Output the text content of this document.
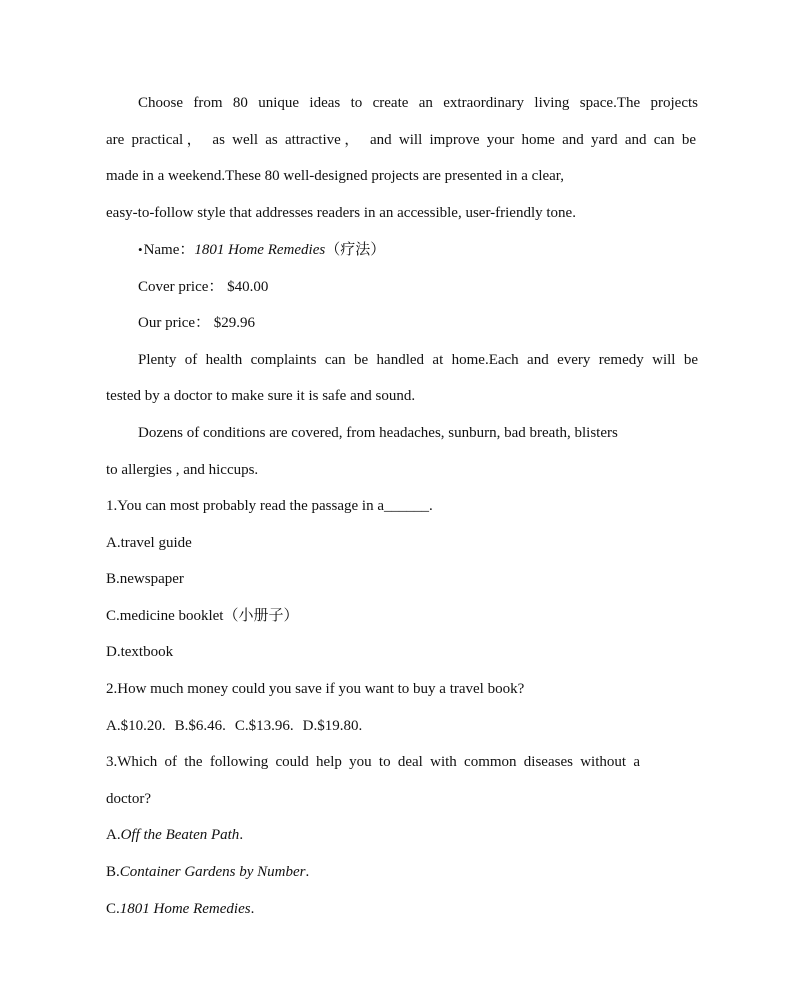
Choose from 80 unique ideas to create an extraordinary living space.The projects
are practical， as well as attractive， and will improve your home and yard and can be
made in a weekend.These 80 well-designed projects are presented in a clear,
easy-to-follow style that addresses readers in an accessible, user-friendly tone.
•Name：1801 Home Remedies（疗法）
Cover price： $40.00
Our price： $29.96
Plenty of health complaints can be handled at home.Each and every remedy will be
tested by a doctor to make sure it is safe and sound.
Dozens of conditions are covered, from headaches, sunburn, bad breath, blisters
to allergies , and hiccups.
1.You can most probably read the passage in a______.
A.travel guide
B.newspaper
C.medicine booklet（小册子）
D.textbook
2.How much money could you save if you want to buy a travel book?
A.$10.20. B.$6.46. C.$13.96. D.$19.80.
3.Which of the following could help you to deal with common diseases without a
doctor?
A.Off the Beaten Path.
B.Container Gardens by Number.
C.1801 Home Remedies.
